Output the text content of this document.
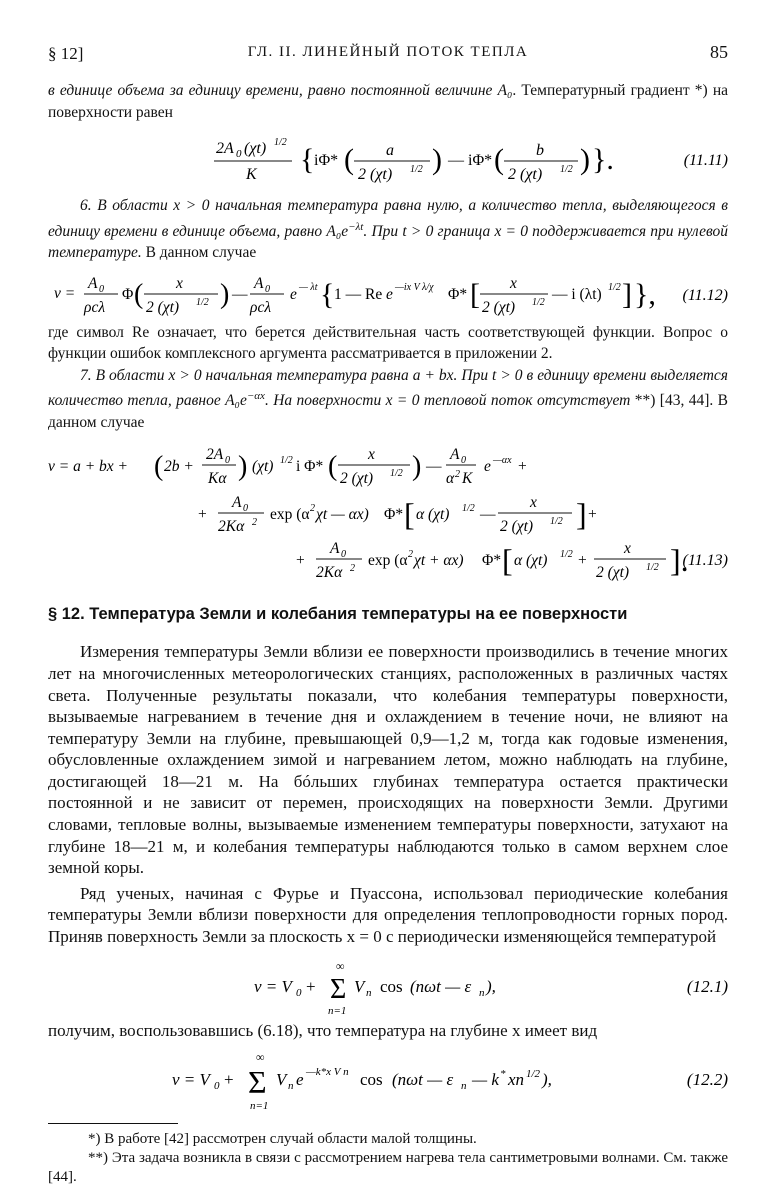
§ 12]	ГЛ. II. ЛИНЕЙНЫЙ ПОТОК ТЕПЛА	85

в единице объема за единицу времени, равно постоянной величине A₀. Температурный градиент *) на поверхности равен

2A 0 (χt) 1/2
K { iΦ* ( a
2 (χt) 1/2 ) — iΦ* ( b
2 (χt) 1/2 ) }.	(11.11)

6. В области x > 0 начальная температура равна нулю, а количество тепла, выделяющегося в единицу времени в единице объема, равно $A_0e^{-\lambda t}$. При t > 0 граница x = 0 поддерживается при нулевой температуре. В данном случае

v =
A 0
ρcλ
Φ ( x
2 (χt) 1/2 ) —
A 0
ρcλ
e — λt { 1 — Re e —ix V λ/χ Φ* [ x
2 (χt) 1/2 — i (λt) 1/2 ] }, (11.12)

где символ Re означает, что берется действительная часть соответствующей функции. Вопрос о функции ошибок комплексного аргумента рассматривается в приложении 2.

7. В области x > 0 начальная температура равна a + bx. При t > 0 в единицу времени выделяется количество тепла, равное $A_0e^{-\alpha x}$. На поверхности x = 0 тепловой поток отсутствует **) [43, 44]. В данном случае

v = a + bx + ( 2b +
2A 0
Kα ) (χt) 1/2 i Φ* ( x
2 (χt) 1/2 ) —
A 0
α 2 K
e —αx +
+
A 0
2Kα 2 exp (α 2 χt — αx) Φ* [ α (χt) 1/2 —
x
2 (χt) 1/2 ] +
+
A 0
2Kα 2 exp (α 2 χt + αx) Φ* [ α (χt) 1/2 +
x
2 (χt) 1/2 ].
(11.13)
§ 12. Температура Земли и колебания температуры на ее поверхности

Измерения температуры Земли вблизи ее поверхности производились в течение многих лет на многочисленных метеорологических станциях, расположенных в различных частях света. Полученные результаты показали, что колебания температуры поверхности, вызываемые нагреванием в течение дня и охлаждением в течение ночи, не влияют на температуру Земли на глубине, превышающей 0,9—1,2 м, тогда как годовые изменения, обусловленные охлаждением зимой и нагреванием летом, можно наблюдать на глубине, достигающей 18—21 м. На бóльших глубинах температура остается практически постоянной и не зависит от перемен, происходящих на поверхности Земли. Другими словами, тепловые волны, вызываемые изменением температуры поверхности, затухают на глубине 18—21 м, и колебания температуры наблюдаются только в самом верхнем слое земной коры.

Ряд ученых, начиная с Фурье и Пуассона, использовал периодические колебания температуры Земли вблизи поверхности для определения теплопроводности горных пород. Приняв поверхность Земли за плоскость x = 0 с периодически изменяющейся температурой

v = V 0 +
∞
Σ
n=1
V n cos (nωt — ε n ),	(12.1)

получим, воспользовавшись (6.18), что температура на глубине x имеет вид

v = V 0 +
∞
Σ
n=1
V n e —k*x V n cos (nωt — ε n — k * xn 1/2 ),	(12.2)

*) В работе [42] рассмотрен случай области малой толщины.

**) Эта задача возникла в связи с рассмотрением нагрева тела сантиметровыми волнами. См. также [44].
